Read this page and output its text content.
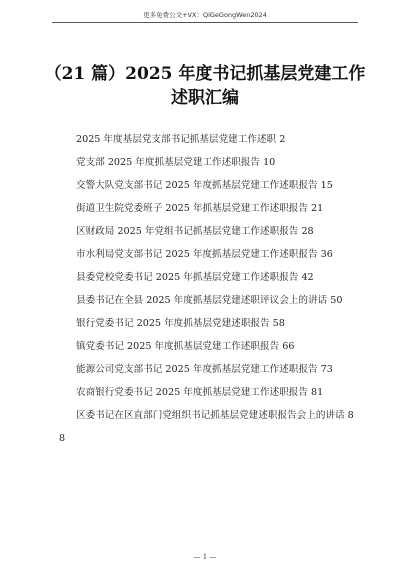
更多免费公文+VX：QiGeGongWen2024
（21 篇）2025 年度书记抓基层党建工作
述职汇编

2025 年度基层党支部书记抓基层党建工作述职 2

党支部 2025 年度抓基层党建工作述职报告 10

交警大队党支部书记 2025 年度抓基层党建工作述职报告 15

街道卫生院党委班子 2025 年抓基层党建工作述职报告 21

区财政局 2025 年党组书记抓基层党建工作述职报告 28

市水利局党支部书记 2025 年度抓基层党建工作述职报告 36

县委党校党委书记 2025 年抓基层党建工作述职报告 42

县委书记在全县 2025 年度抓基层党建述职评议会上的讲话 50

银行党委书记 2025 年度抓基层党建述职报告 58

镇党委书记 2025 年度抓基层党建工作述职报告 66

能源公司党支部书记 2025 年度抓基层党建工作述职报告 73

农商银行党委书记 2025 年度抓基层党建工作述职报告 81

区委书记在区直部门党组织书记抓基层党建述职报告会上的讲话 88

— 1 —
